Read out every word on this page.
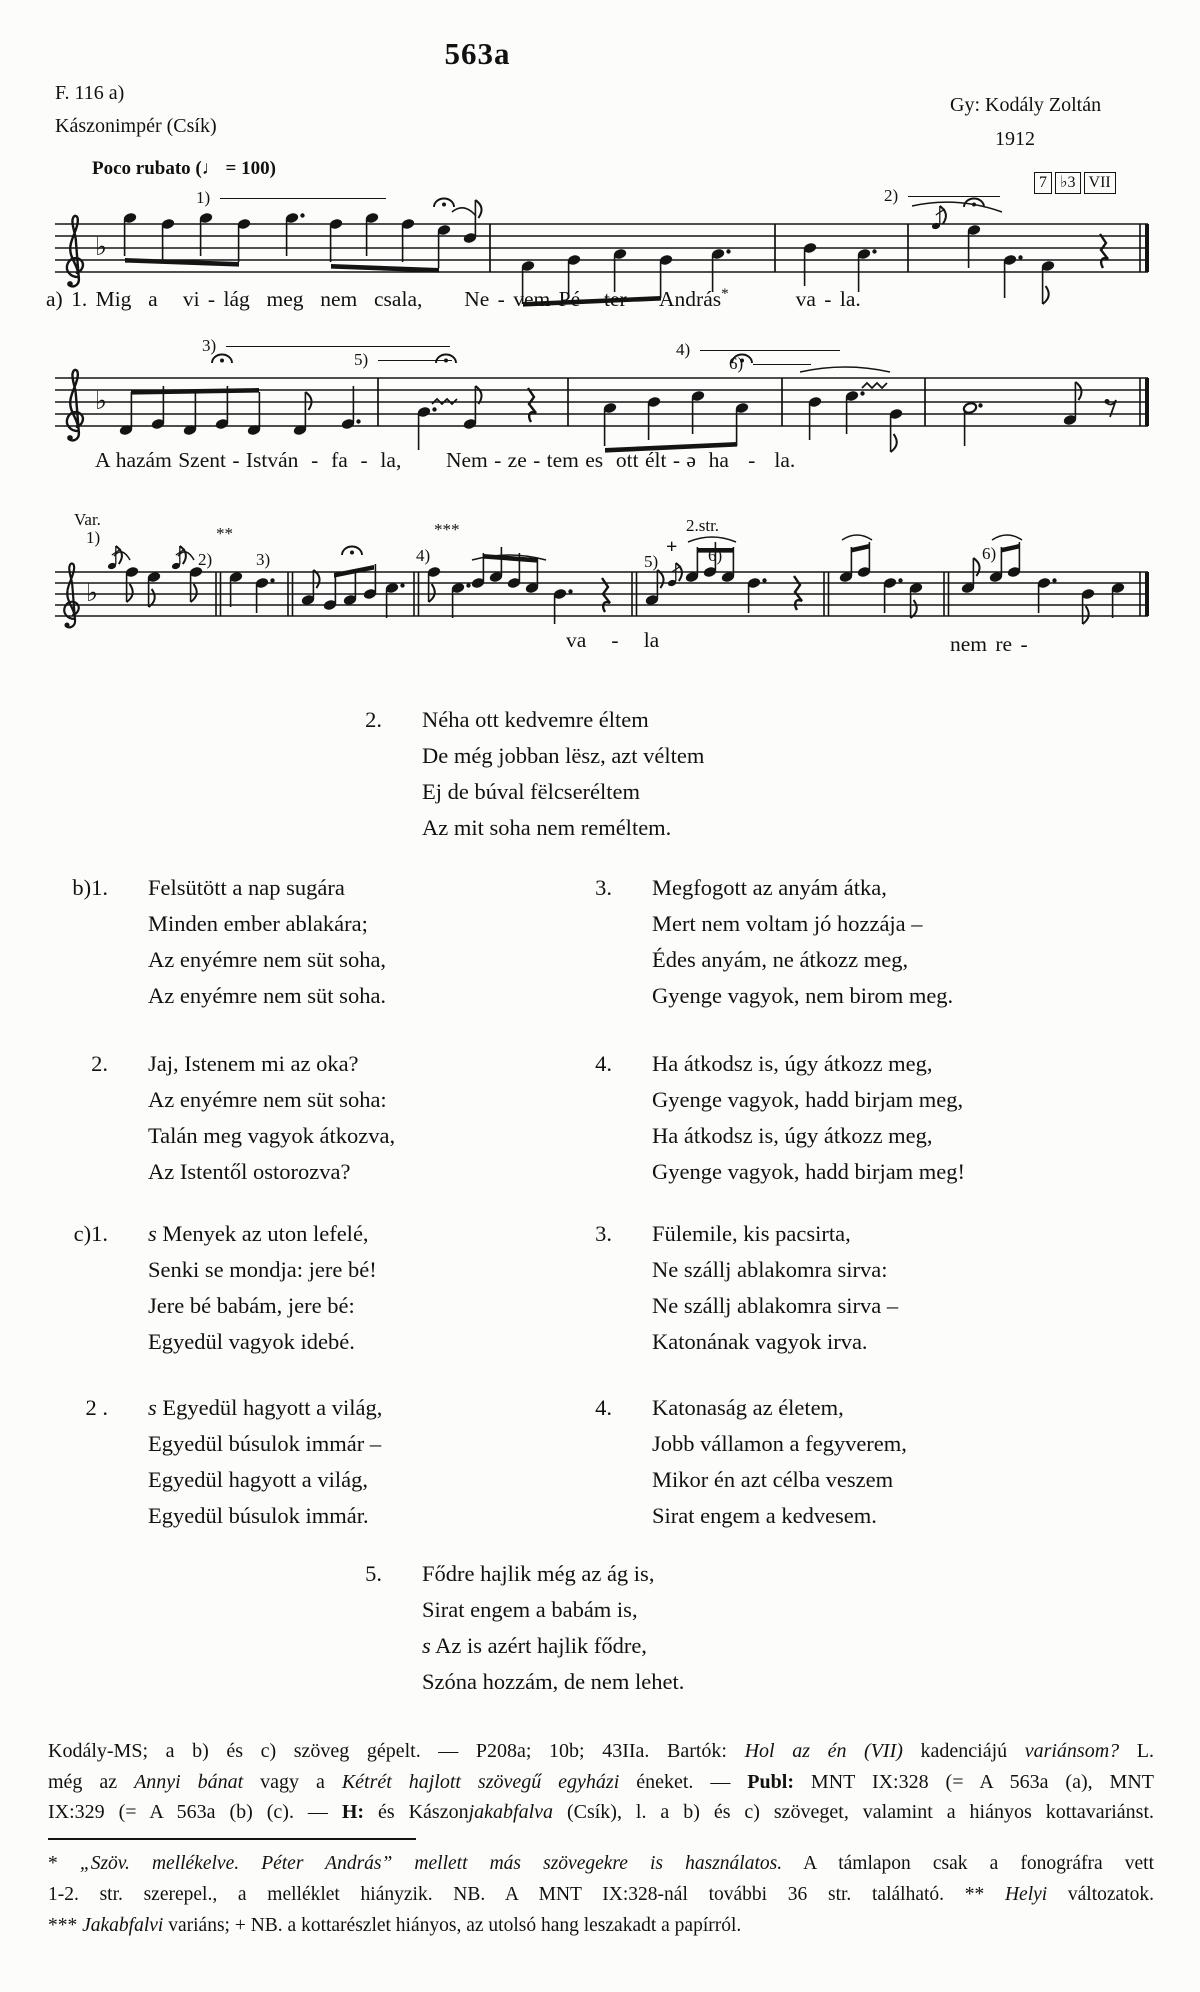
♭
♭
♭
563a
F. 116 a)
Kászonimpér (Csík)
Gy: Kodály Zoltán
1912

7 ♭3 VII

Poco rubato (♩ = 100)
1)	2)
a) 1. Mig  a   vi - lág  meg  nem  csala,     Ne - vem Pé - ter    András*        va - la.
3)
5)
4)
6)
A hazám Szent - István  -  fa  -  la,       Nem - ze - tem es  ott élt - ə  ha   -   la.
Var.
1)
2)
**
3)	4)
***
5)
+
2.str.
6)	6)
va   -   la	nem re -
2. Néha ott kedvemre éltem
De még jobban lësz, azt véltem
Ej de búval fëlcseréltem
Az mit soha nem reméltem.
b)1. Felsütött a nap sugára
Minden ember ablakára;
Az enyémre nem süt soha,
Az enyémre nem süt soha.
3. Megfogott az anyám átka,
Mert nem voltam jó hozzája –
Édes anyám, ne átkozz meg,
Gyenge vagyok, nem birom meg.
2. Jaj, Istenem mi az oka?
Az enyémre nem süt soha:
Talán meg vagyok átkozva,
Az Istentől ostorozva?
4. Ha átkodsz is, úgy átkozz meg,
Gyenge vagyok, hadd birjam meg,
Ha átkodsz is, úgy átkozz meg,
Gyenge vagyok, hadd birjam meg!
c)1. s Menyek az uton lefelé,
Senki se mondja: jere bé!
Jere bé babám, jere bé:
Egyedül vagyok idebé.
3. Fülemile, kis pacsirta,
Ne szállj ablakomra sirva:
Ne szállj ablakomra sirva –
Katonának vagyok irva.
2 . s Egyedül hagyott a világ,
Egyedül búsulok immár –
Egyedül hagyott a világ,
Egyedül búsulok immár.
4. Katonaság az életem,
Jobb vállamon a fegyverem,
Mikor én azt célba veszem
Sirat engem a kedvesem.
5. Fődre hajlik még az ág is,
Sirat engem a babám is,
s Az is azért hajlik fődre,
Szóna hozzám, de nem lehet.
Kodály-MS; a b) és c) szöveg gépelt. — P208a; 10b; 43IIa. Bartók: Hol az én (VII) kadenciájú variánsom? L.
még az Annyi bánat vagy a Kétrét hajlott szövegű egyházi éneket. — Publ: MNT IX:328 (= A 563a (a), MNT
IX:329 (= A 563a (b) (c). — H: és Kászonjakabfalva (Csík), l. a b) és c) szöveget, valamint a hiányos kottavariánst.
* „Szöv. mellékelve. Péter András” mellett más szövegekre is használatos. A támlapon csak a fonográfra vett
1-2. str. szerepel., a melléklet hiányzik. NB. A MNT IX:328-nál további 36 str. található. ** Helyi változatok.
*** Jakabfalvi variáns; + NB. a kottarészlet hiányos, az utolsó hang leszakadt a papírról.
